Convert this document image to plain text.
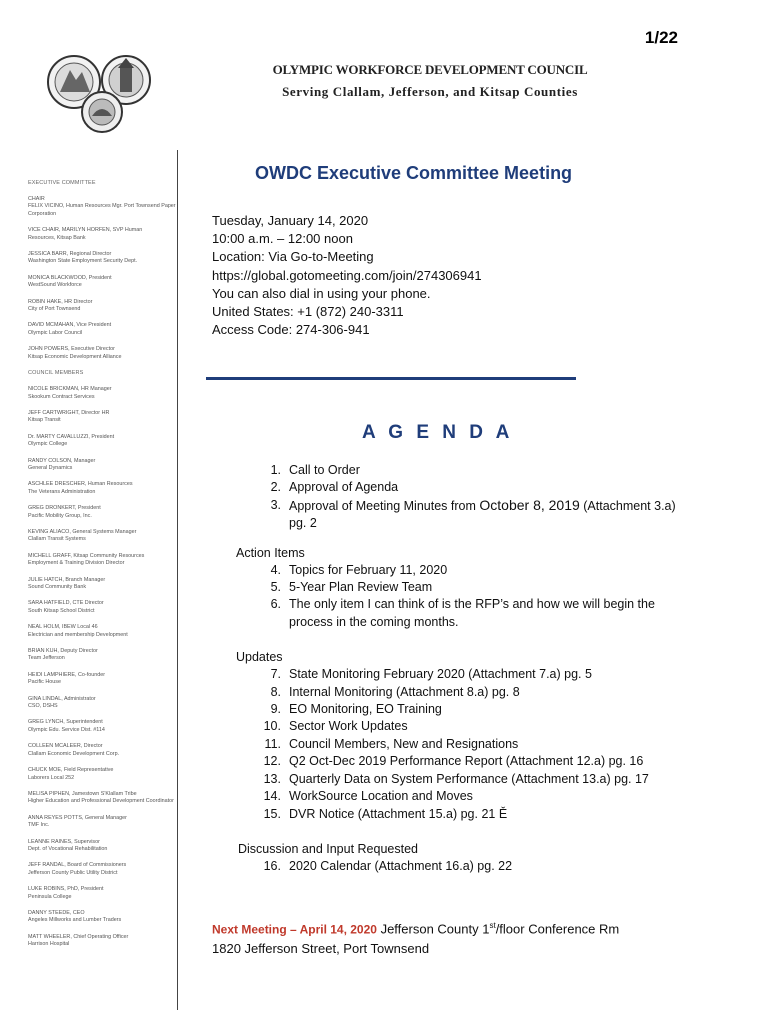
1/22
OLYMPIC WORKFORCE DEVELOPMENT COUNCIL
Serving Clallam, Jefferson, and Kitsap Counties
EXECUTIVE COMMITTEE
CHAIR
FELIX VICINO, Human Resources Mgr. Port Townsend Paper Corporation
VICE CHAIR, MARILYN HORFEN, SVP Human
Resources, Kitsap Bank
JESSICA BARR, Regional Director
Washington State Employment Security Dept.
MONICA BLACKWOOD, President
WestSound Workforce
ROBIN HAKE, HR Director
City of Port Townsend
DAVID MCMAHAN, Vice President
Olympic Labor Council
JOHN POWERS, Executive Director
Kitsap Economic Development Alliance
COUNCIL MEMBERS
NICOLE BRICKMAN, HR Manager
Skookum Contract Services
JEFF CARTWRIGHT, Director HR
Kitsap Transit
Dr. MARTY CAVALLUZZI, President
Olympic College
RANDY COLSON, Manager
General Dynamics
ASCHLEE DRESCHER, Human Resources
The Veterans Administration
GREG DRONKERT, President
Pacific Mobility Group, Inc.
KEVING ALIACO, General Systems Manager
Clallam Transit Systems
MICHELL GRAFF, Kitsap Community Resources
Employment & Training Division Director
JULIE HATCH, Branch Manager
Sound Community Bank
SARA HATFIELD, CTE Director
South Kitsap School District
NEAL HOLM, IBEW Local 46
Electrician and membership Development
BRIAN KUH, Deputy Director
Team Jefferson
HEIDI LAMPHIERE, Co-founder
Pacific House
GINA LINDAL, Administrator
CSO, DSHS
GREG LYNCH, Superintendent
Olympic Edu. Service Dist. #114
COLLEEN MCALEER, Director
Clallam Economic Development Corp.
CHUCK MOE, Field Representative
Laborers Local 252
MELISA PIPHEN, Jamestown S'Klallam Tribe
Higher Education and Professional Development Coordinator
ANNA REYES POTTS, General Manager
TMF Inc.
LEANNE RAINES, Supervisor
Dept. of Vocational Rehabilitation
JEFF RANDAL, Board of Commissioners
Jefferson County Public Utility District
LUKE ROBINS, PhD, President
Peninsula College
DANNY STEEDE, CEO
Angeles Millworks and Lumber Traders
MATT WHEELER, Chief Operating Officer
Harrison Hospital
OWDC Executive Committee Meeting
Tuesday, January 14, 2020
10:00 a.m. – 12:00 noon
Location: Via Go-to-Meeting
https://global.gotomeeting.com/join/274306941
You can also dial in using your phone.
United States: +1 (872) 240-3311
Access Code: 274-306-941
A G E N D A
1. Call to Order
2. Approval of Agenda
3. Approval of Meeting Minutes from October 8, 2019 (Attachment 3.a) pg. 2
Action Items
4. Topics for February 11, 2020
5. 5-Year Plan Review Team
6. The only item I can think of is the RFP’s and how we will begin the process in the coming months.
Updates
7. State Monitoring February 2020 (Attachment 7.a) pg. 5
8. Internal Monitoring (Attachment 8.a) pg. 8
9. EO Monitoring, EO Training
10. Sector Work Updates
11. Council Members, New and Resignations
12. Q2 Oct-Dec 2019 Performance Report (Attachment 12.a) pg. 16
13. Quarterly Data on System Performance (Attachment 13.a) pg. 17
14. WorkSource Location and Moves
15. DVR Notice (Attachment 15.a) pg. 21 Ě
Discussion and Input Requested
16. 2020 Calendar (Attachment 16.a) pg. 22
Next Meeting – April 14, 2020 Jefferson County 1st/floor Conference Rm
1820 Jefferson Street, Port Townsend
